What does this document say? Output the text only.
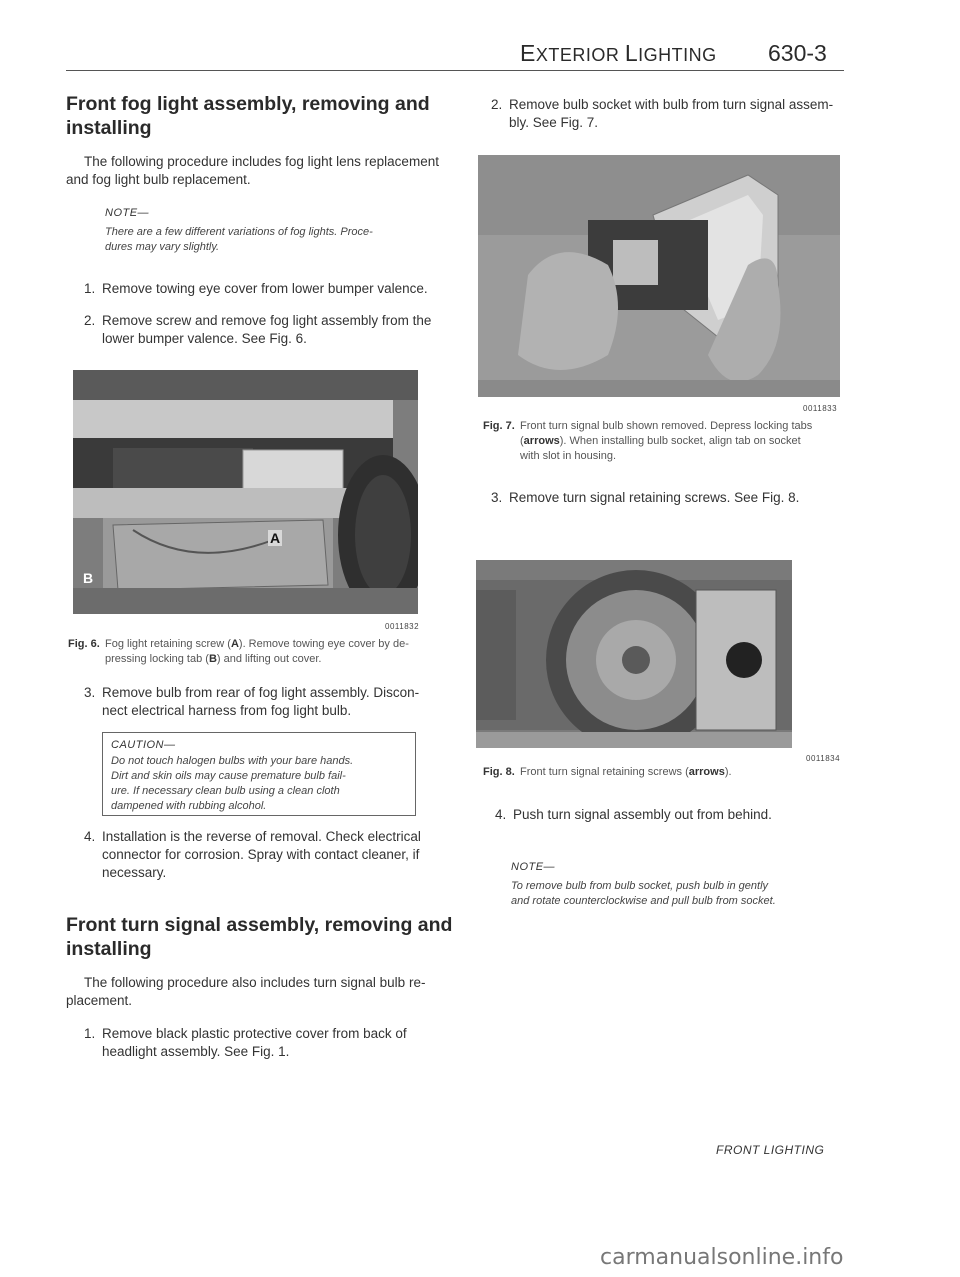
EXTERIOR LIGHTING 630-3
Front fog light assembly, removing and
installing

The following procedure includes fog light lens replacement

and fog light bulb replacement.

NOTE—
There are a few different variations of fog lights. Proce-
dures may vary slightly.
1. Remove towing eye cover from lower bumper valence.
2. Remove screw and remove fog light assembly from the
lower bumper valence. See Fig. 6.
A
B
0011832
Fig. 6. Fog light retaining screw (A). Remove towing eye cover by de-
pressing locking tab (B) and lifting out cover.
3. Remove bulb from rear of fog light assembly. Discon-
nect electrical harness from fog light bulb.
CAUTION—
Do not touch halogen bulbs with your bare hands.
Dirt and skin oils may cause premature bulb fail-
ure. If necessary clean bulb using a clean cloth
dampened with rubbing alcohol.
4. Installation is the reverse of removal. Check electrical
connector for corrosion. Spray with contact cleaner, if
necessary.
Front turn signal assembly, removing and
installing

The following procedure also includes turn signal bulb re-

placement.

1. Remove black plastic protective cover from back of
headlight assembly. See Fig. 1.
2. Remove bulb socket with bulb from turn signal assem-
bly. See Fig. 7.
0011833
Fig. 7. Front turn signal bulb shown removed. Depress locking tabs
(arrows). When installing bulb socket, align tab on socket
with slot in housing.
3. Remove turn signal retaining screws. See Fig. 8.
Fig. 8. Front turn signal retaining screws (arrows).
0011834
4. Push turn signal assembly out from behind.
NOTE—
To remove bulb from bulb socket, push bulb in gently
and rotate counterclockwise and pull bulb from socket.
FRONT LIGHTING
carmanualsonline.info
